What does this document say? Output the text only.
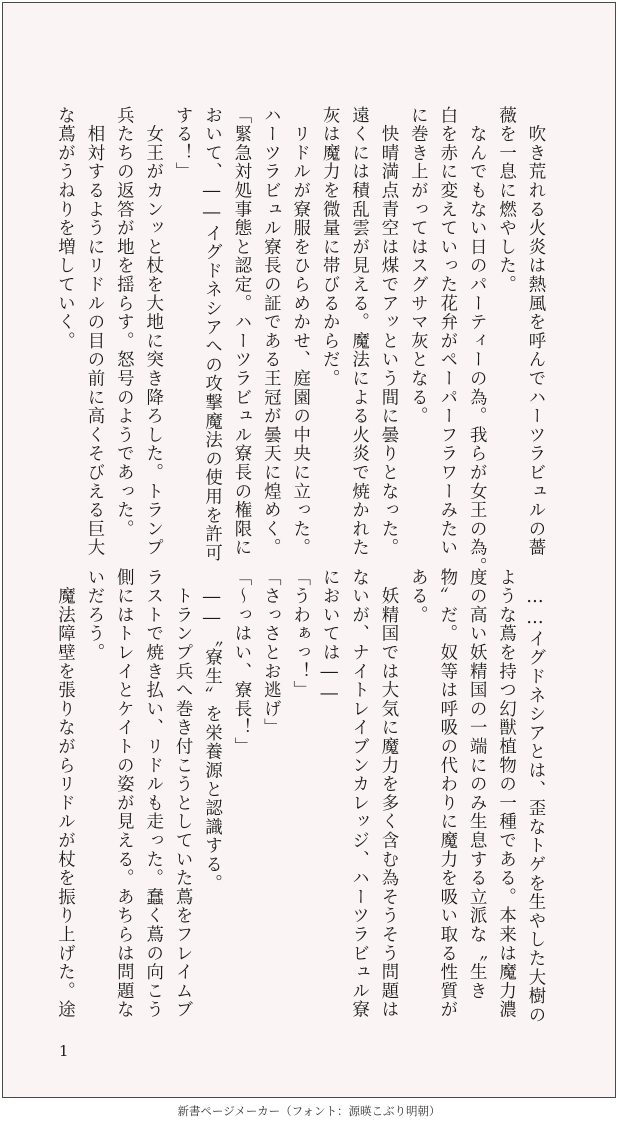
　吹き荒れる火炎は熱風を呼んでハーツラビュルの薔
薇を一息に燃やした。
　なんでもない日のパーティーの為。我らが女王の為。
白を赤に変えていった花弁がペーパーフラワーみたい
に巻き上がってはスグサマ灰となる。
　快晴満点青空は煤でアッという間に曇りとなった。
遠くには積乱雲が見える。魔法による火炎で焼かれた
灰は魔力を微量に帯びるからだ。
　リドルが寮服をひらめかせ、庭園の中央に立った。
ハーツラビュル寮長の証である王冠が曇天に煌めく。
「緊急対処事態と認定。ハーツラビュル寮長の権限に
おいて、――イグドネシアへの攻撃魔法の使用を許可
する！」
　女王がカンッと杖を大地に突き降ろした。トランプ
兵たちの返答が地を揺らす。怒号のようであった。
　相対するようにリドルの目の前に高くそびえる巨大
な蔦がうねりを増していく。
　……イグドネシアとは、歪なトゲを生やした大樹の
ような蔦を持つ幻獣植物の一種である。本来は魔力濃
度の高い妖精国の一端にのみ生息する立派な〝生き
物〟だ。奴等は呼吸の代わりに魔力を吸い取る性質が
ある。
　妖精国では大気に魔力を多く含む為そうそう問題は
ないが、ナイトレイブンカレッジ、ハーツラビュル寮
においては――
「うわぁっ！」
「さっさとお逃げ」
「～っはい、寮長！」
　――〝寮生〟を栄養源と認識する。
　トランプ兵へ巻き付こうとしていた蔦をフレイムブ
ラストで焼き払い、リドルも走った。蠢く蔦の向こう
側にはトレイとケイトの姿が見える。あちらは問題な
いだろう。
　魔法障壁を張りながらリドルが杖を振り上げた。途
1
新書ページメーカー（フォント：源暎こぶり明朝）
